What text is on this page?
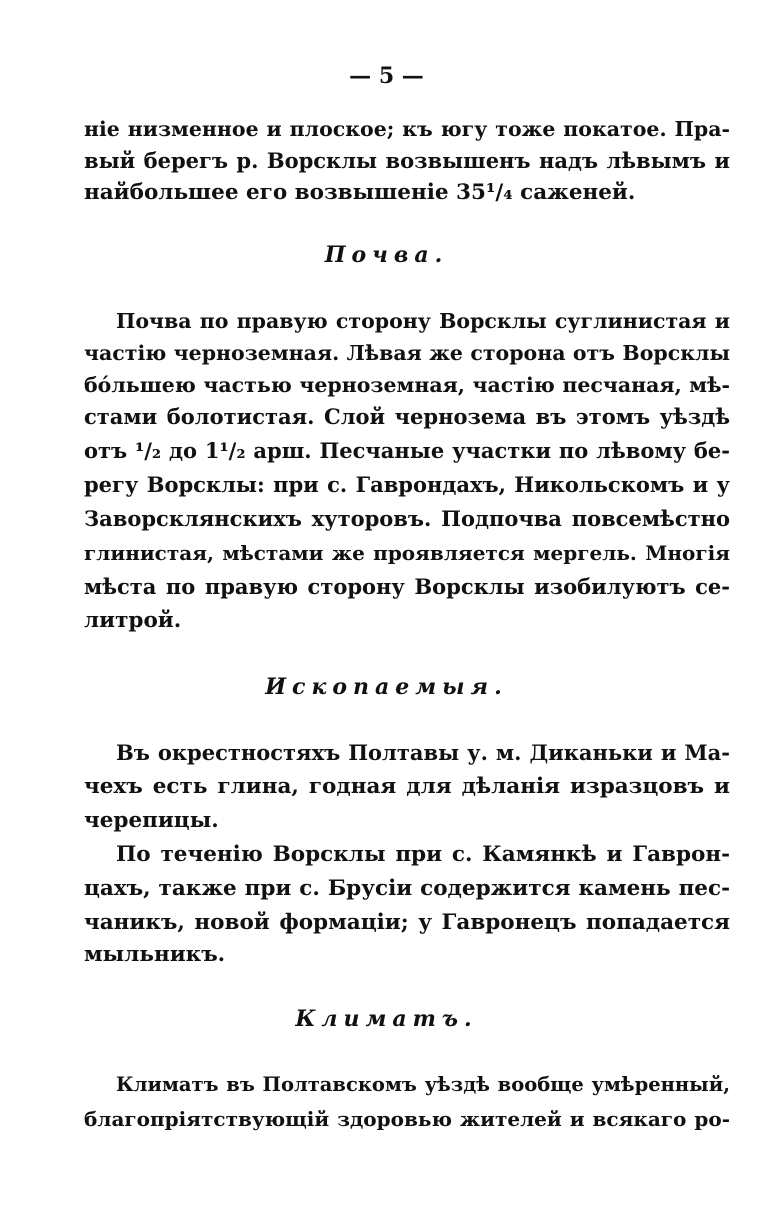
— 5 —
ніе низменное и плоское; къ югу тоже покатое. Пра-
вый берегъ р. Ворсклы возвышенъ надъ лѣвымъ и
найбольшее его возвышеніе 35¹/₄ саженей.
Почва.
Почва по правую сторону Ворсклы суглинистая и
частію черноземная. Лѣвая же сторона отъ Ворсклы
бóльшею частью черноземная, частію песчаная, мѣ-
стами болотистая. Слой чернозема въ этомъ уѣздѣ
отъ ¹/₂ до 1¹/₂ арш. Песчаные участки по лѣвому бе-
регу Ворсклы: при с. Гаврондахъ, Никольскомъ и у
Заворсклянскихъ хуторовъ. Подпочва повсемѣстно
глинистая, мѣстами же проявляется мергель. Многія
мѣста по правую сторону Ворсклы изобилуютъ се-
литрой.
Ископаемыя.
Въ окрестностяхъ Полтавы у. м. Диканьки и Ма-
чехъ есть глина, годная для дѣланія изразцовъ и
черепицы.
По теченію Ворсклы при с. Камянкѣ и Гаврон-
цахъ, также при с. Брусіи содержится камень пес-
чаникъ, новой формаціи; у Гавронецъ попадается
мыльникъ.
Климатъ.
Климатъ въ Полтавскомъ уѣздѣ вообще умѣренный,
благопріятствующій здоровью жителей и всякаго ро-
